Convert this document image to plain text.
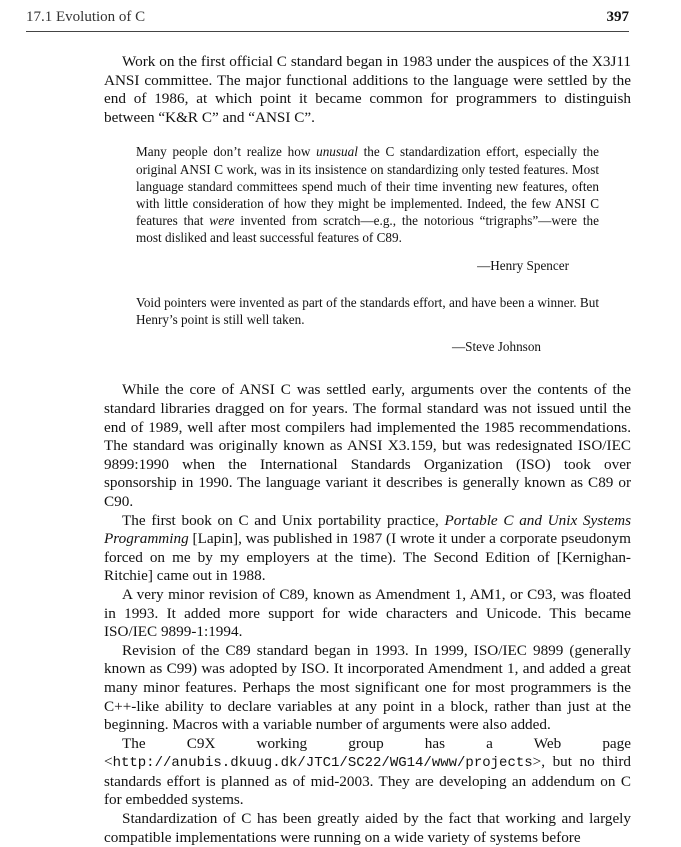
17.1 Evolution of C	397

Work on the first official C standard began in 1983 under the auspices of the X3J11 ANSI committee. The major functional additions to the language were settled by the end of 1986, at which point it became common for programmers to distinguish between “K&R C” and “ANSI C”.

Many people don’t realize how unusual the C standardization effort, especially the original ANSI C work, was in its insistence on standardizing only tested features. Most language standard committees spend much of their time inventing new features, often with little consideration of how they might be implemented. Indeed, the few ANSI C features that were invented from scratch—e.g., the notorious “trigraphs”—were the most disliked and least successful features of C89.

—Henry Spencer

Void pointers were invented as part of the standards effort, and have been a winner. But Henry’s point is still well taken.

—Steve Johnson

While the core of ANSI C was settled early, arguments over the contents of the standard libraries dragged on for years. The formal standard was not issued until the end of 1989, well after most compilers had implemented the 1985 recommendations. The standard was originally known as ANSI X3.159, but was redesignated ISO/IEC 9899:1990 when the International Standards Organization (ISO) took over sponsorship in 1990. The language variant it describes is generally known as C89 or C90.

The first book on C and Unix portability practice, Portable C and Unix Systems Programming [Lapin], was published in 1987 (I wrote it under a corporate pseudonym forced on me by my employers at the time). The Second Edition of [Kernighan-Ritchie] came out in 1988.

A very minor revision of C89, known as Amendment 1, AM1, or C93, was floated in 1993. It added more support for wide characters and Unicode. This became ISO/IEC 9899-1:1994.

Revision of the C89 standard began in 1993. In 1999, ISO/IEC 9899 (generally known as C99) was adopted by ISO. It incorporated Amendment 1, and added a great many minor features. Perhaps the most significant one for most programmers is the C++-like ability to declare variables at any point in a block, rather than just at the beginning. Macros with a variable number of arguments were also added.

The C9X working group has a Web page <http://anubis.dkuug.dk/JTC1/SC22/WG14/www/projects>, but no third standards effort is planned as of mid-2003. They are developing an addendum on C for embedded systems.

Standardization of C has been greatly aided by the fact that working and largely compatible implementations were running on a wide variety of systems before
